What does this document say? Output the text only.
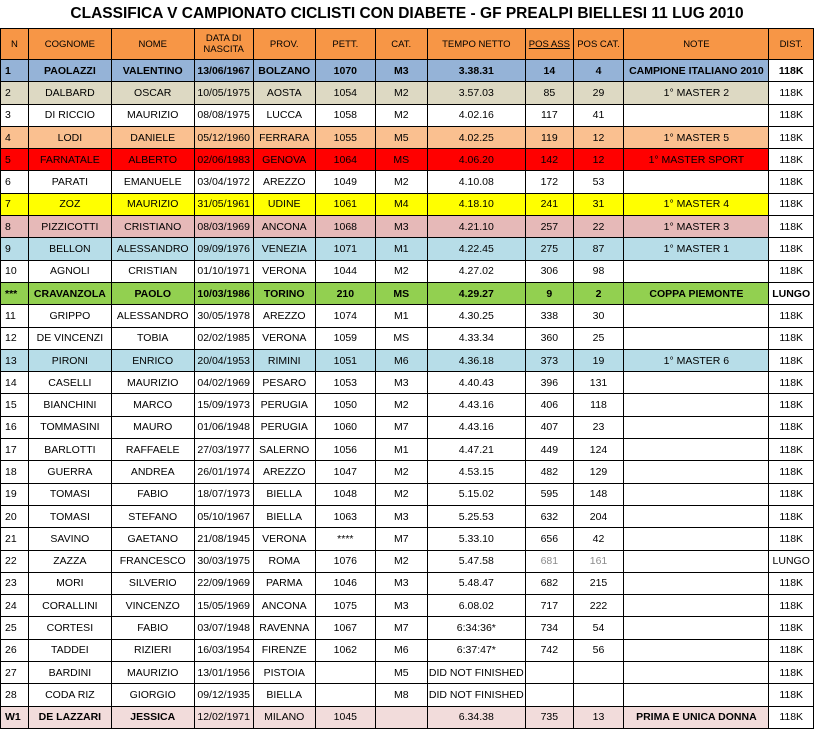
CLASSIFICA V CAMPIONATO CICLISTI CON DIABETE - GF PREALPI BIELLESI 11 LUG 2010
N	COGNOME	NOME	DATA DI NASCITA	PROV.	PETT.	CAT.	TEMPO NETTO	POS ASS	POS CAT.	NOTE	DIST.
1	PAOLAZZI	VALENTINO	13/06/1967	BOLZANO	1070	M3	3.38.31	14	4	CAMPIONE ITALIANO 2010	118K
2	DALBARD	OSCAR	10/05/1975	AOSTA	1054	M2	3.57.03	85	29	1° MASTER 2	118K
3	DI RICCIO	MAURIZIO	08/08/1975	LUCCA	1058	M2	4.02.16	117	41		118K
4	LODI	DANIELE	05/12/1960	FERRARA	1055	M5	4.02.25	119	12	1° MASTER 5	118K
5	FARNATALE	ALBERTO	02/06/1983	GENOVA	1064	MS	4.06.20	142	12	1° MASTER SPORT	118K
6	PARATI	EMANUELE	03/04/1972	AREZZO	1049	M2	4.10.08	172	53		118K
7	ZOZ	MAURIZIO	31/05/1961	UDINE	1061	M4	4.18.10	241	31	1° MASTER 4	118K
8	PIZZICOTTI	CRISTIANO	08/03/1969	ANCONA	1068	M3	4.21.10	257	22	1° MASTER 3	118K
9	BELLON	ALESSANDRO	09/09/1976	VENEZIA	1071	M1	4.22.45	275	87	1° MASTER 1	118K
10	AGNOLI	CRISTIAN	01/10/1971	VERONA	1044	M2	4.27.02	306	98		118K
***	CRAVANZOLA	PAOLO	10/03/1986	TORINO	210	MS	4.29.27	9	2	COPPA PIEMONTE	LUNGO
11	GRIPPO	ALESSANDRO	30/05/1978	AREZZO	1074	M1	4.30.25	338	30		118K
12	DE VINCENZI	TOBIA	02/02/1985	VERONA	1059	MS	4.33.34	360	25		118K
13	PIRONI	ENRICO	20/04/1953	RIMINI	1051	M6	4.36.18	373	19	1° MASTER 6	118K
14	CASELLI	MAURIZIO	04/02/1969	PESARO	1053	M3	4.40.43	396	131		118K
15	BIANCHINI	MARCO	15/09/1973	PERUGIA	1050	M2	4.43.16	406	118		118K
16	TOMMASINI	MAURO	01/06/1948	PERUGIA	1060	M7	4.43.16	407	23		118K
17	BARLOTTI	RAFFAELE	27/03/1977	SALERNO	1056	M1	4.47.21	449	124		118K
18	GUERRA	ANDREA	26/01/1974	AREZZO	1047	M2	4.53.15	482	129		118K
19	TOMASI	FABIO	18/07/1973	BIELLA	1048	M2	5.15.02	595	148		118K
20	TOMASI	STEFANO	05/10/1967	BIELLA	1063	M3	5.25.53	632	204		118K
21	SAVINO	GAETANO	21/08/1945	VERONA	****	M7	5.33.10	656	42		118K
22	ZAZZA	FRANCESCO	30/03/1975	ROMA	1076	M2	5.47.58	681	161		LUNGO
23	MORI	SILVERIO	22/09/1969	PARMA	1046	M3	5.48.47	682	215		118K
24	CORALLINI	VINCENZO	15/05/1969	ANCONA	1075	M3	6.08.02	717	222		118K
25	CORTESI	FABIO	03/07/1948	RAVENNA	1067	M7	6:34:36*	734	54		118K
26	TADDEI	RIZIERI	16/03/1954	FIRENZE	1062	M6	6:37:47*	742	56		118K
27	BARDINI	MAURIZIO	13/01/1956	PISTOIA		M5	DID NOT FINISHED				118K
28	CODA RIZ	GIORGIO	09/12/1935	BIELLA		M8	DID NOT FINISHED				118K
W1	DE LAZZARI	JESSICA	12/02/1971	MILANO	1045		6.34.38	735	13	PRIMA E UNICA DONNA	118K
